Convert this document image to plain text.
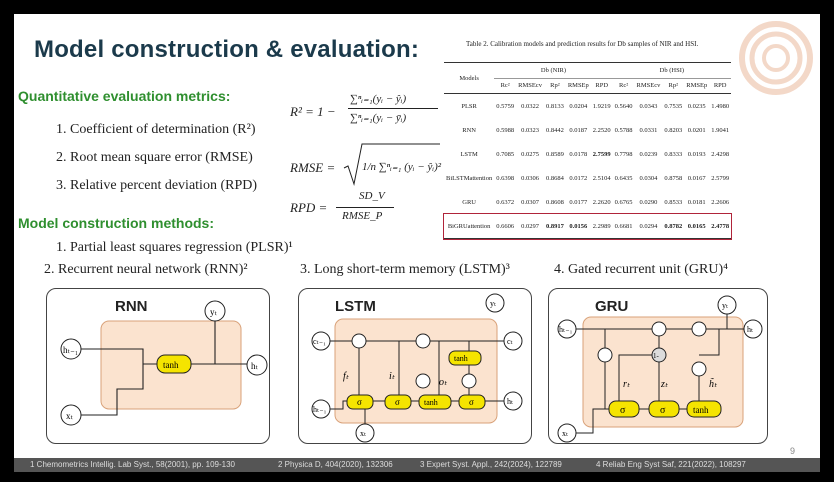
Model construction & evaluation:
Quantitative evaluation metrics:
1. Coefficient of determination (R²)
2. Root mean square error (RMSE)
3. Relative percent deviation (RPD)
R² = 1 −
∑ⁿᵢ₌₁(yᵢ − ŷᵢ)
∑ⁿᵢ₌₁(yᵢ − ȳᵢ)
RMSE = 1/n ∑ⁿᵢ₌₁ (yᵢ − ŷᵢ)²
RPD =
SD_V
RMSE_P
Model construction methods:
1. Partial least squares regression (PLSR)¹
2. Recurrent neural network (RNN)²	3. Long short-term memory (LSTM)³	4. Gated recurrent unit (GRU)⁴
Table 2. Calibration models and prediction results for Db samples of NIR and HSI.
Models	Db (NIR)					Db (HSI)				
	Rc²	RMSEcv	Rp²	RMSEp	RPD	Rc²	RMSEcv	Rp²	RMSEp	RPD
PLSR	0.5759	0.0322	0.8133	0.0204	1.9219	0.5640	0.0343	0.7535	0.0235	1.4980
RNN	0.5988	0.0323	0.8442	0.0187	2.2520	0.5788	0.0331	0.8203	0.0201	1.9041
LSTM	0.7085	0.0275	0.8589	0.0178	2.7599	0.7798	0.0239	0.8333	0.0193	2.4298
BiLSTMattention	0.6398	0.0306	0.8684	0.0172	2.5104	0.6435	0.0304	0.8758	0.0167	2.5799
GRU	0.6372	0.0307	0.8608	0.0177	2.2620	0.6765	0.0290	0.8533	0.0181	2.2606
BiGRUattention	0.6606	0.0297	0.8917	0.0156	2.2989	0.6681	0.0294	0.8782	0.0165	2.4778
RNN
hₜ₋₁
xₜ
yₜ
hₜ
tanh
LSTM
cₜ₋₁
hₜ₋₁
xₜ
yₜ
cₜ
hₜ
tanh
σ	σ	tanh	σ
fₜ	iₜ
oₜ
GRU
hₜ₋₁
xₜ
yₜ
hₜ
1-
σ	σ	tanh
rₜ	zₜ	h̃ₜ
9
1 Chemometrics Intellig. Lab Syst., 58(2001), pp. 109-130	2 Physica D, 404(2020), 132306	3 Expert Syst. Appl., 242(2024), 122789	4 Reliab Eng Syst Saf, 221(2022), 108297
